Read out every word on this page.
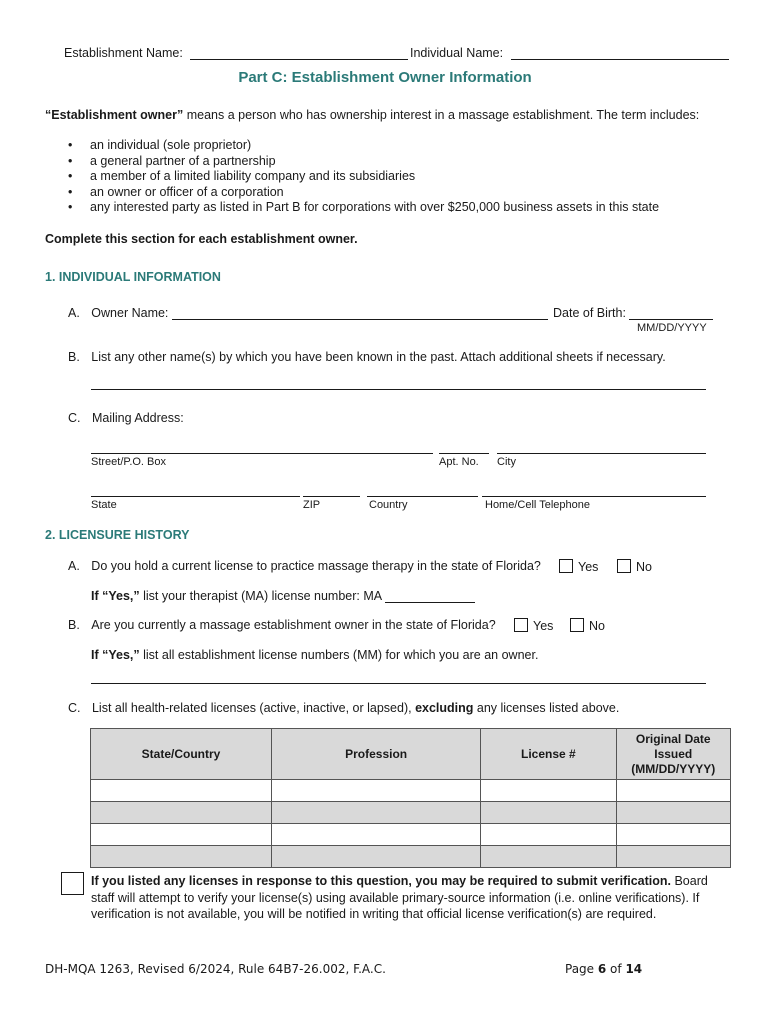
Establishment Name:	Individual Name:
Part C: Establishment Owner Information
“Establishment owner” means a person who has ownership interest in a massage establishment. The term includes:
• an individual (sole proprietor)
• a general partner of a partnership
• a member of a limited liability company and its subsidiaries
• an owner or officer of a corporation
• any interested party as listed in Part B for corporations with over $250,000 business assets in this state
Complete this section for each establishment owner.
1. INDIVIDUAL INFORMATION
A. Owner Name:	Date of Birth:
MM/DD/YYYY
B. List any other name(s) by which you have been known in the past. Attach additional sheets if necessary.
C. Mailing Address:
Street/P.O. Box	Apt. No. City
State	ZIP	Country	Home/Cell Telephone
2. LICENSURE HISTORY
A. Do you hold a current license to practice massage therapy in the state of Florida?	Yes	No
If “Yes,” list your therapist (MA) license number: MA
B. Are you currently a massage establishment owner in the state of Florida?	Yes	No
If “Yes,” list all establishment license numbers (MM) for which you are an owner.
C. List all health-related licenses (active, inactive, or lapsed), excluding any licenses listed above.
State/Country	Profession	License #	Original Date Issued (MM/DD/YYYY)

If you listed any licenses in response to this question, you may be required to submit verification. Board
staff will attempt to verify your license(s) using available primary-source information (i.e. online verifications). If
verification is not available, you will be notified in writing that official license verification(s) are required.
DH-MQA 1263, Revised 6/2024, Rule 64B7-26.002, F.A.C.	Page 6 of 14
